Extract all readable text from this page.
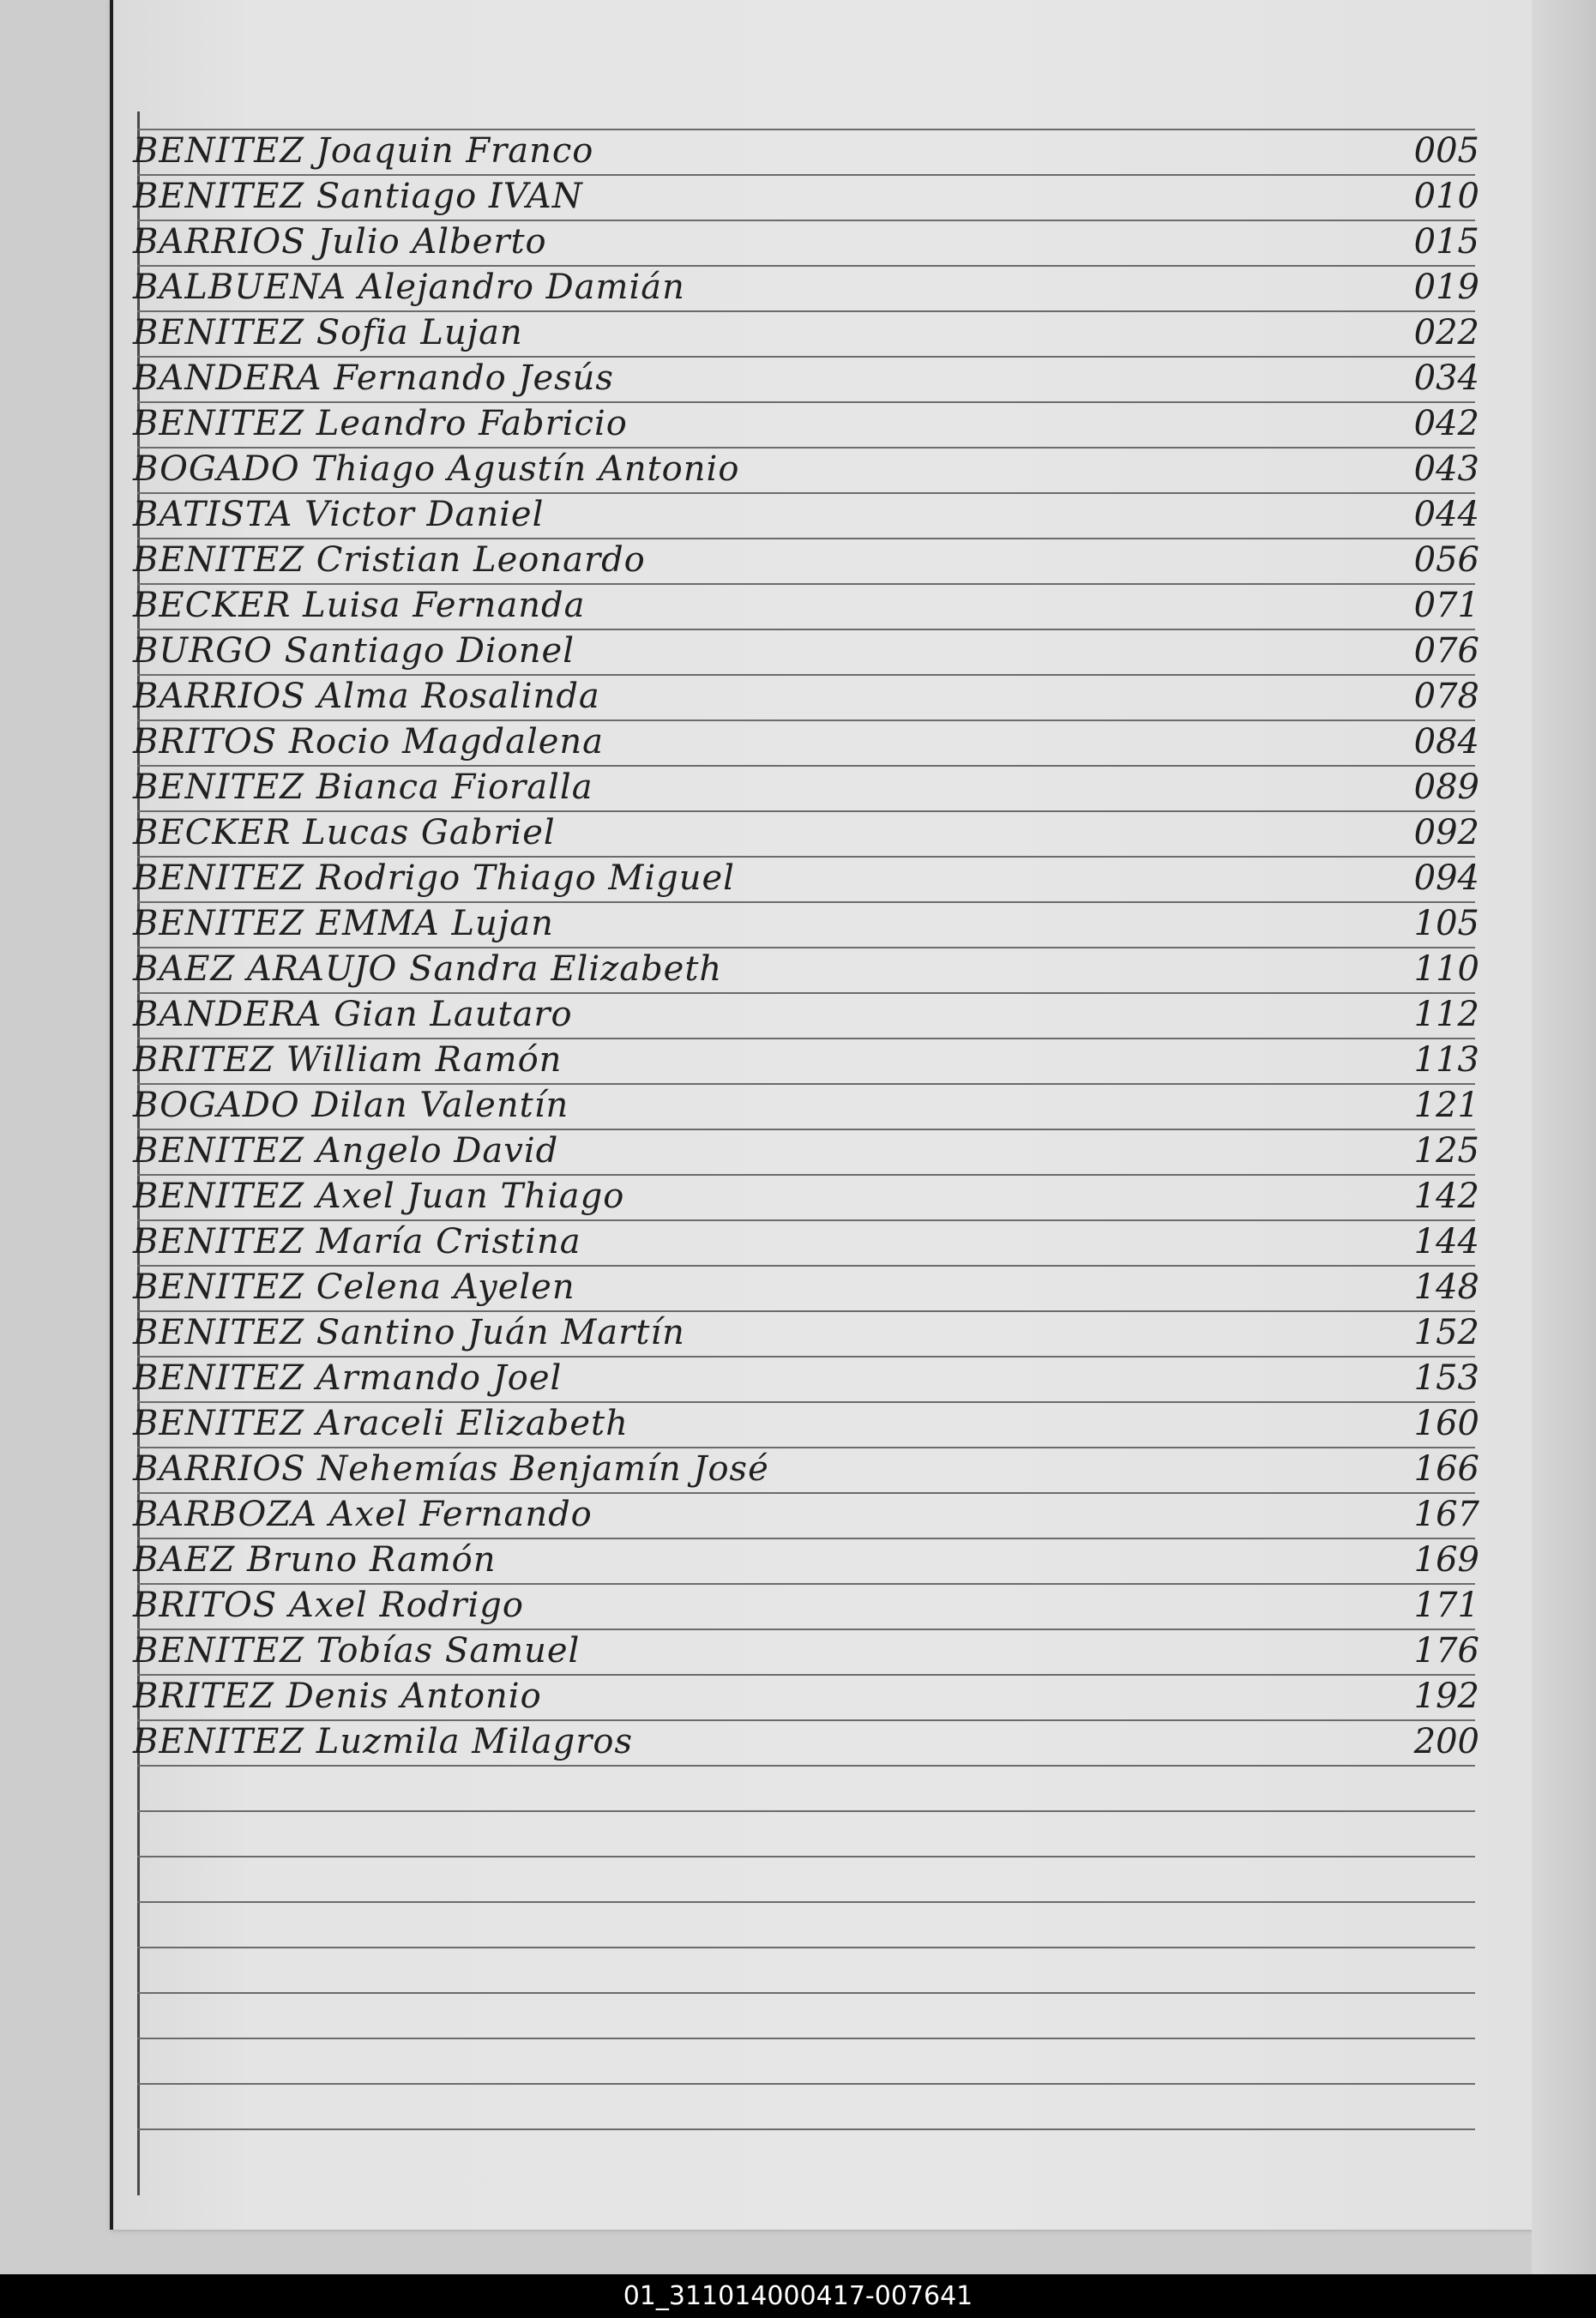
BENITEZ Joaquin Franco	005
BENITEZ Santiago IVAN	010
BARRIOS Julio Alberto	015
BALBUENA Alejandro Damián	019
BENITEZ Sofia Lujan	022
BANDERA Fernando Jesús	034
BENITEZ Leandro Fabricio	042
BOGADO Thiago Agustín Antonio	043
BATISTA Victor Daniel	044
BENITEZ Cristian Leonardo	056
BECKER Luisa Fernanda	071
BURGO Santiago Dionel	076
BARRIOS Alma Rosalinda	078
BRITOS Rocio Magdalena	084
BENITEZ Bianca Fioralla	089
BECKER Lucas Gabriel	092
BENITEZ Rodrigo Thiago Miguel	094
BENITEZ EMMA Lujan	105
BAEZ ARAUJO Sandra Elizabeth	110
BANDERA Gian Lautaro	112
BRITEZ William Ramón	113
BOGADO Dilan Valentín	121
BENITEZ Angelo David	125
BENITEZ Axel Juan Thiago	142
BENITEZ María Cristina	144
BENITEZ Celena Ayelen	148
BENITEZ Santino Juán Martín	152
BENITEZ Armando Joel	153
BENITEZ Araceli Elizabeth	160
BARRIOS Nehemías Benjamín José	166
BARBOZA Axel Fernando	167
BAEZ Bruno Ramón	169
BRITOS Axel Rodrigo	171
BENITEZ Tobías Samuel	176
BRITEZ Denis Antonio	192
BENITEZ Luzmila Milagros	200
01_311014000417-007641
